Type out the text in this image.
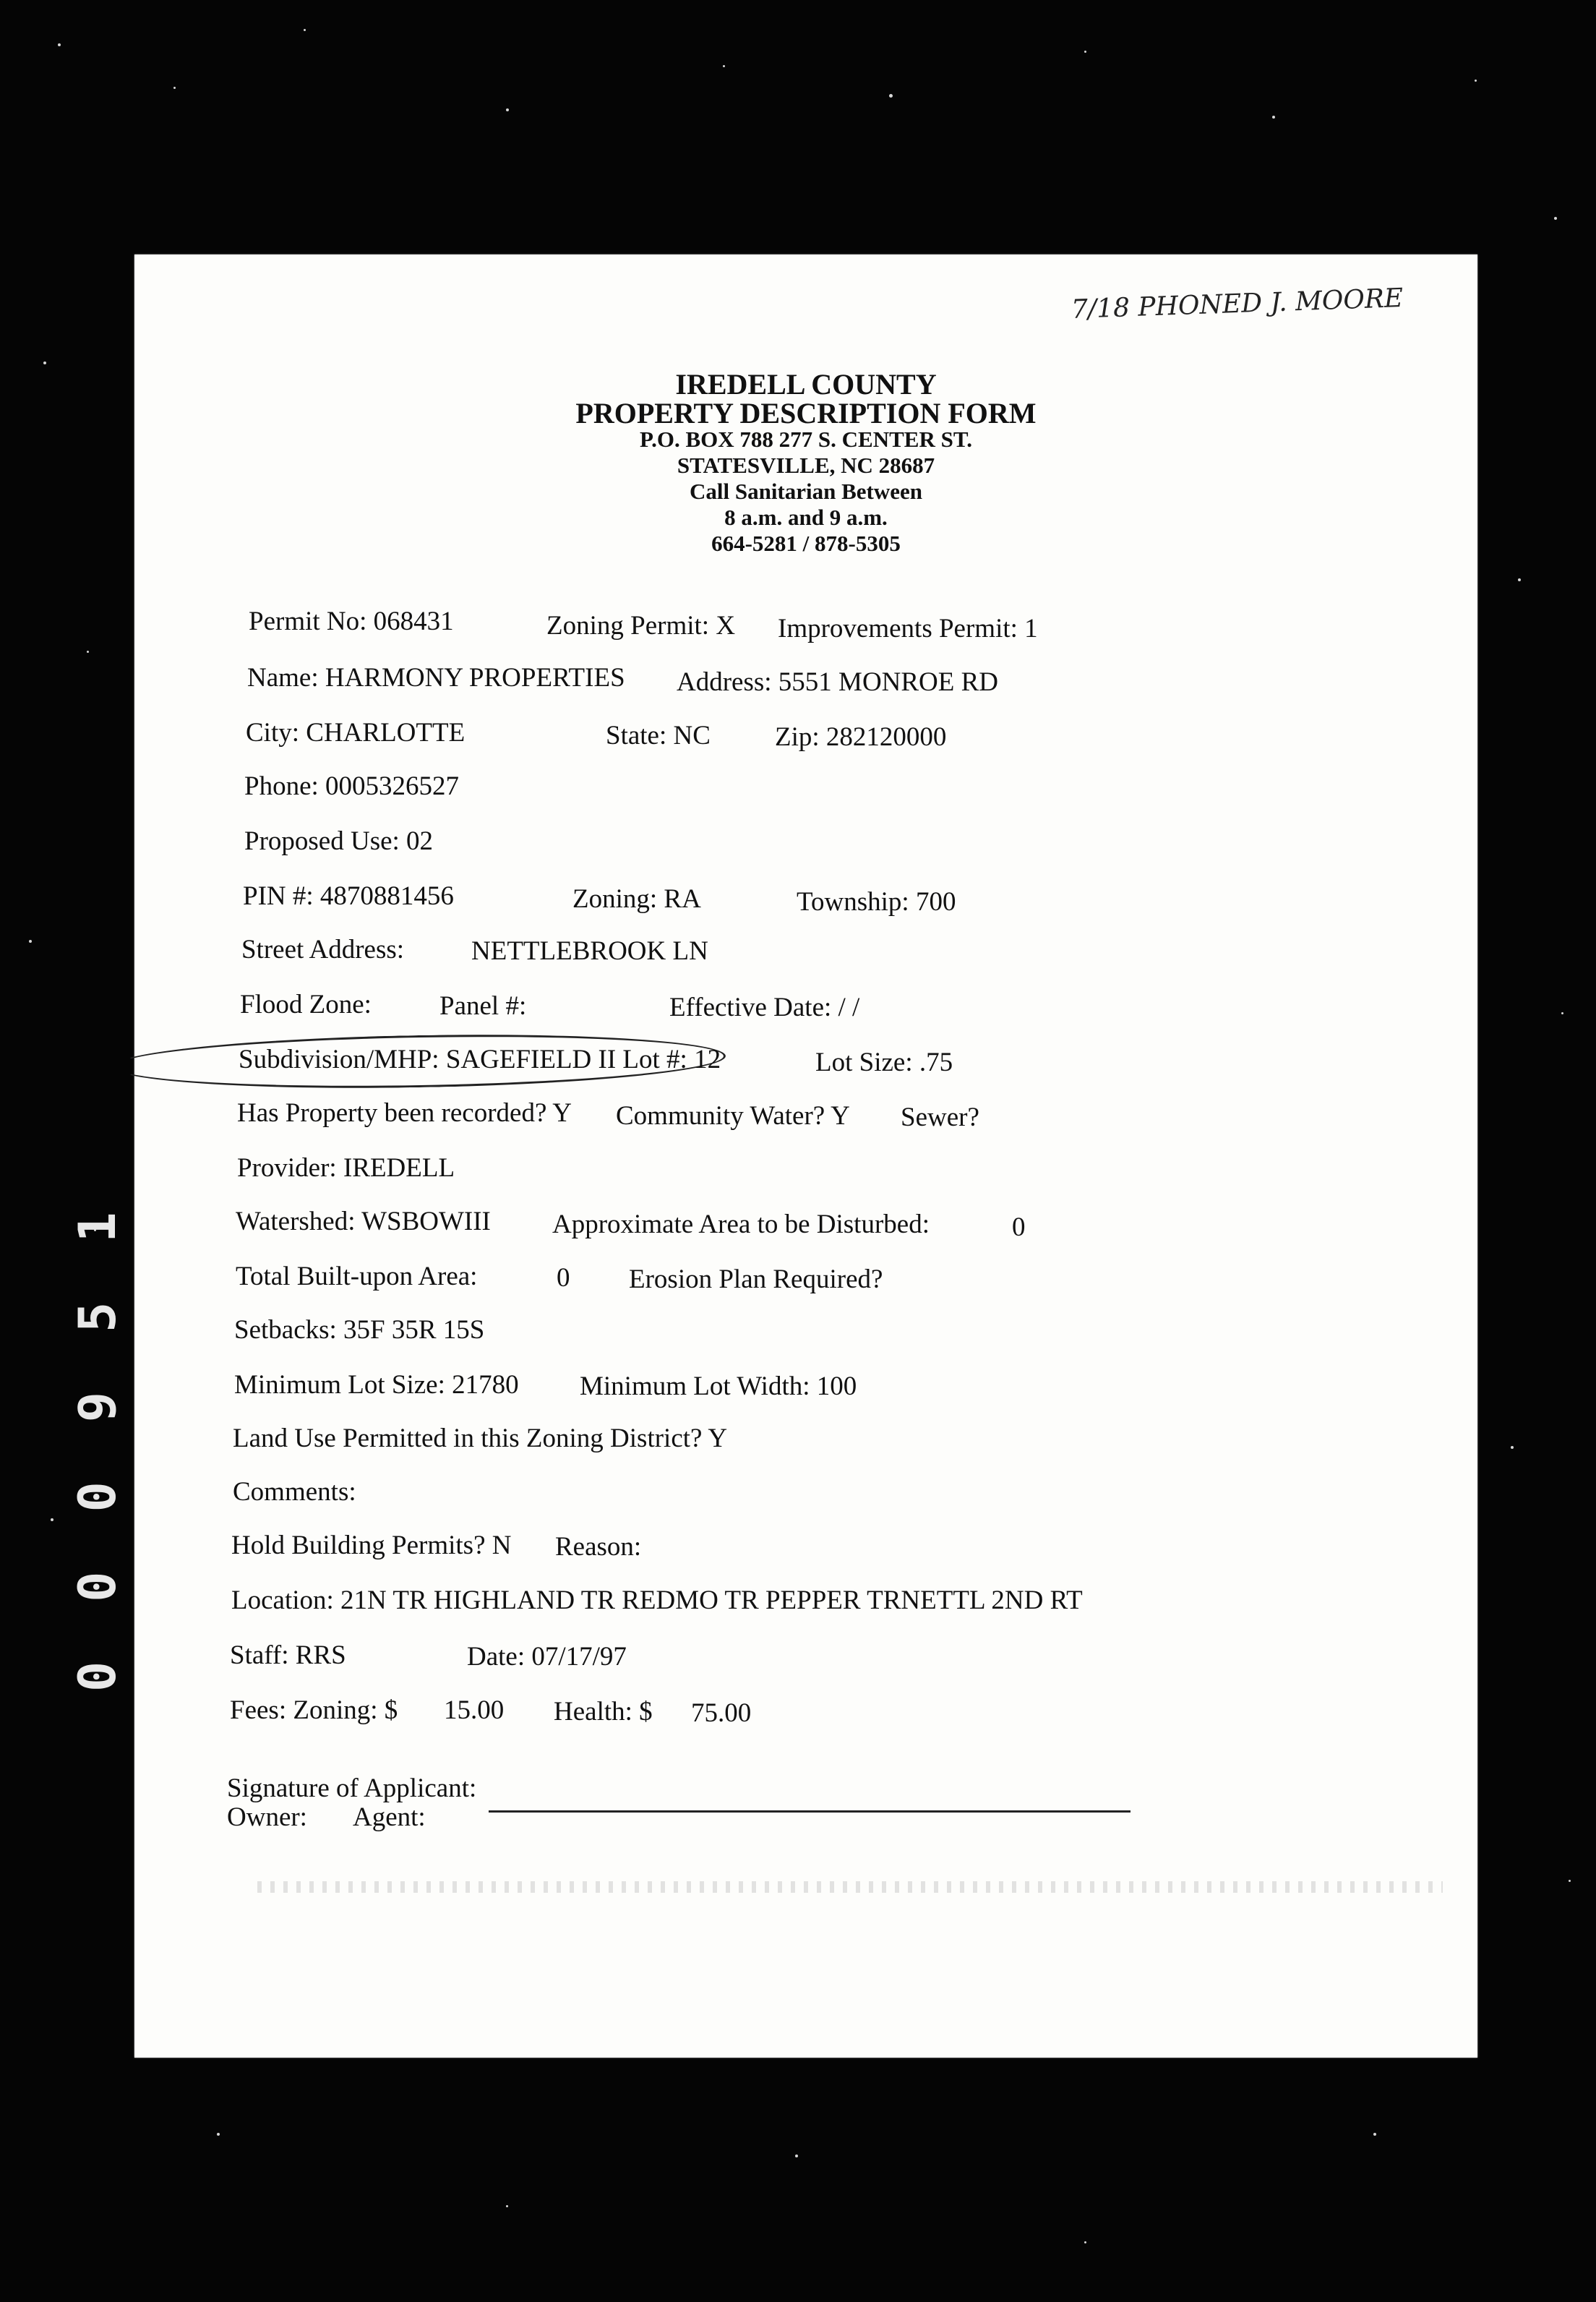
0 0 0 9 5 1
7/18 PHONED J. MOORE
IREDELL COUNTY
PROPERTY DESCRIPTION FORM
P.O. BOX 788 277 S. CENTER ST.
STATESVILLE, NC 28687
Call Sanitarian Between
8 a.m. and 9 a.m.
664-5281 / 878-5305
Permit No: 068431	Zoning Permit: X Improvements Permit: 1
Name: HARMONY PROPERTIES Address: 5551 MONROE RD
City: CHARLOTTE	State: NC Zip: 282120000
Phone: 0005326527
Proposed Use: 02
PIN #: 4870881456	Zoning: RA	Township: 700
Street Address:	NETTLEBROOK LN
Flood Zone:	Panel #:	Effective Date: / /
Subdivision/MHP: SAGEFIELD II Lot #: 12	Lot Size: .75
Has Property been recorded? Y Community Water? Y Sewer?
Provider: IREDELL
Watershed: WSBOWIII Approximate Area to be Disturbed:	0
Total Built-upon Area:	0 Erosion Plan Required?
Setbacks: 35F 35R 15S
Minimum Lot Size: 21780 Minimum Lot Width: 100
Land Use Permitted in this Zoning District? Y
Comments:
Hold Building Permits? N Reason:
Location: 21N TR HIGHLAND TR REDMO TR PEPPER TRNETTL 2ND RT
Staff: RRS	Date: 07/17/97
Fees: Zoning: $ 15.00 Health: $ 75.00
Signature of Applicant:
Owner: Agent:
